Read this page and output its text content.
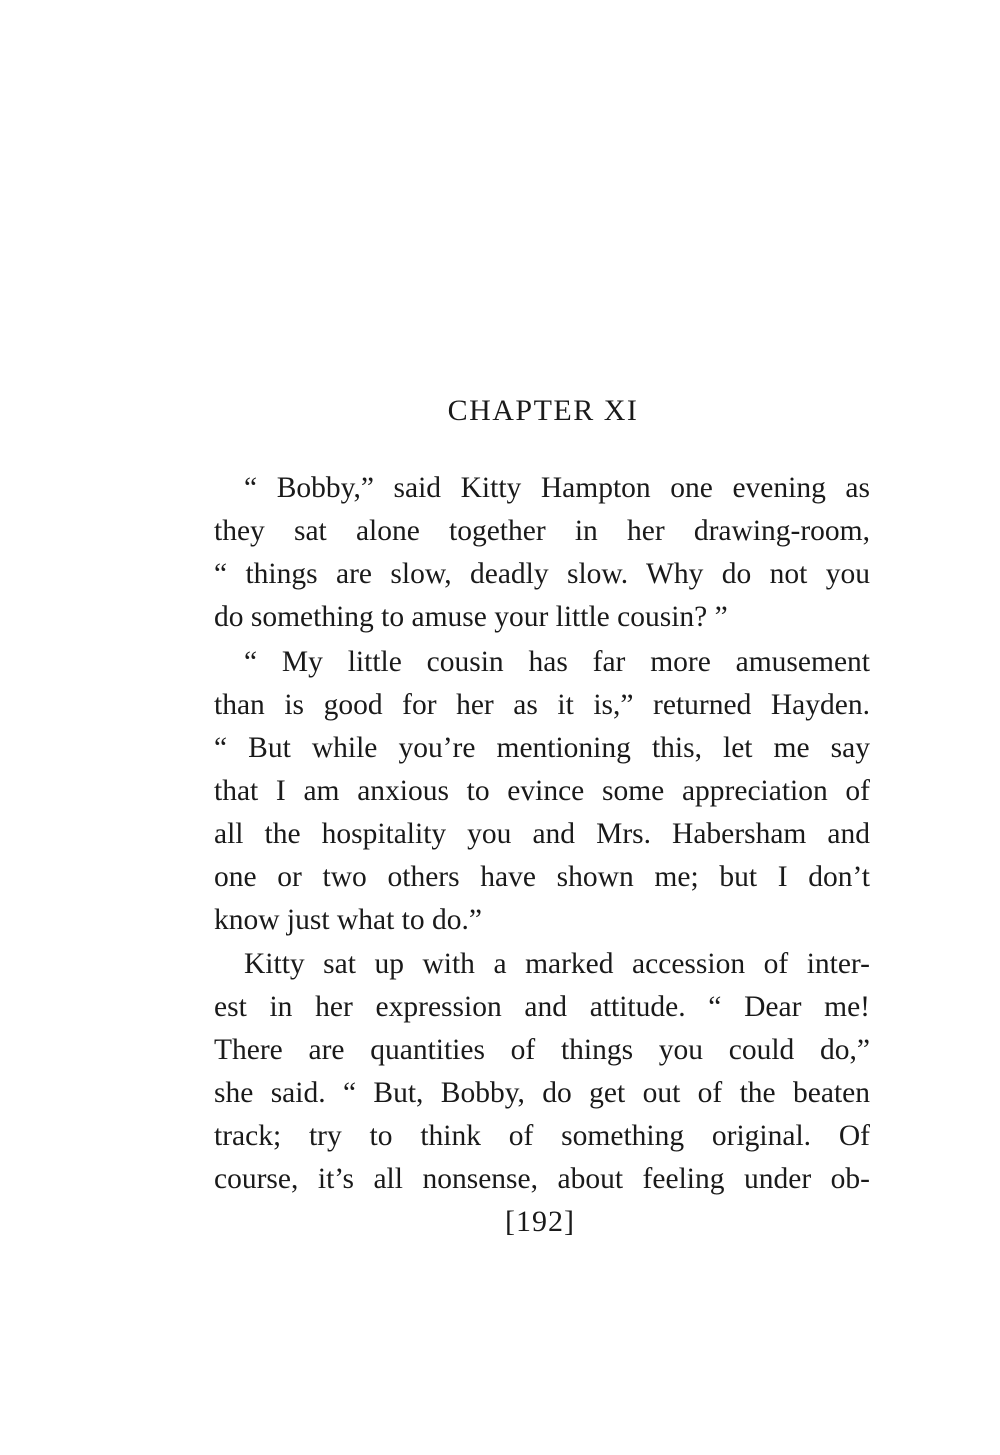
CHAPTER XI
“ Bobby,” said Kitty Hampton one evening as
they sat alone together in her drawing-room,
“ things are slow, deadly slow. Why do not you
do something to amuse your little cousin? ”
“ My little cousin has far more amusement
than is good for her as it is,” returned Hayden.
“ But while you’re mentioning this, let me say
that I am anxious to evince some appreciation of
all the hospitality you and Mrs. Habersham and
one or two others have shown me; but I don’t
know just what to do.”
Kitty sat up with a marked accession of inter-
est in her expression and attitude. “ Dear me!
There are quantities of things you could do,”
she said. “ But, Bobby, do get out of the beaten
track; try to think of something original. Of
course, it’s all nonsense, about feeling under ob-
[192]
